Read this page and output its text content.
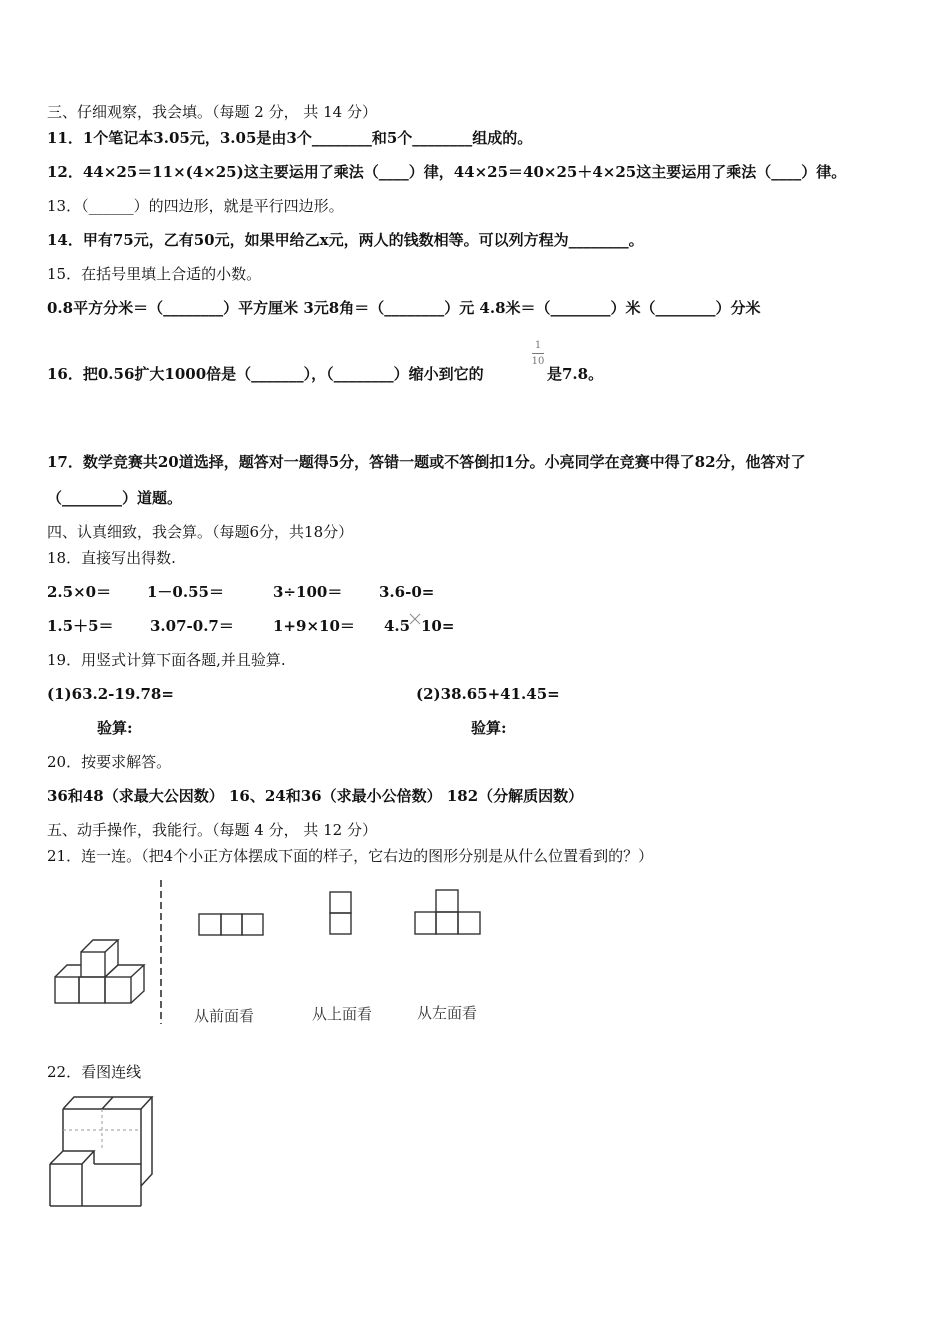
三、仔细观察，我会填。（每题 2 分， 共 14 分）
11．1个笔记本3.05元，3.05是由3个________和5个________组成的。
12．44×25＝11×(4×25)这主要运用了乘法（____）律，44×25＝40×25＋4×25这主要运用了乘法（____）律。
13．（______）的四边形，就是平行四边形。
14．甲有75元，乙有50元，如果甲给乙x元，两人的钱数相等。可以列方程为________。
15．在括号里填上合适的小数。
0.8平方分米＝（________）平方厘米 3元8角＝（________）元 4.8米＝（________）米（________）分米
16．把0.56扩大1000倍是（_______），（________）缩小到它的
1
10
是7.8。
17．数学竞赛共20道选择，题答对一题得5分，答错一题或不答倒扣1分。小亮同学在竞赛中得了82分，他答对了
（________）道题。
四、认真细致，我会算。（每题6分，共18分）
18．直接写出得数.
2.5×0＝ 1－0.55＝	3÷100＝ 3.6-0=
1.5＋5＝ 3.07-0.7＝	1+9×10＝ 4.5 10=
19．用竖式计算下面各题,并且验算.
(1)63.2-19.78=	(2)38.65+41.45=
验算:	验算:
20．按要求解答。
36和48（求最大公因数） 16、24和36（求最小公倍数） 182（分解质因数）
五、动手操作，我能行。（每题 4 分， 共 12 分）
21．连一连。（把4个小正方体摆成下面的样子，它右边的图形分别是从什么位置看到的？）
从前面看	从上面看	从左面看
22．看图连线
